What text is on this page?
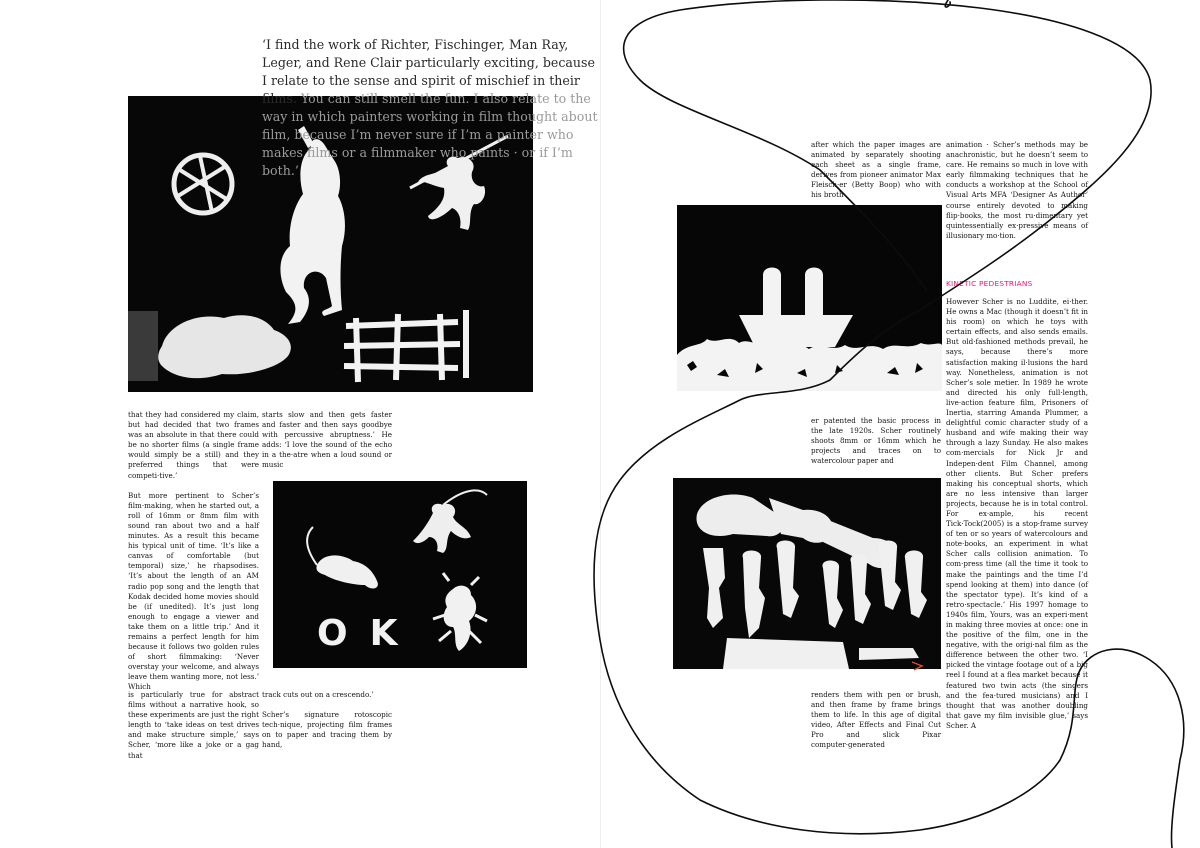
‘I find the work of Richter, Fischinger, Man Ray, Leger, and Rene Clair particularly exciting, because I relate to the sense and spirit of mischief in their films. You can still smell the fun. I also relate to the way in which painters working in film thought about film, because I’m never sure if I’m a painter who makes films or a filmmaker who paints · or if I’m both.’

that they had considered my claim, but had decided that two frames was an absolute in that there could be no shorter films (a single frame would simply be a still) and they preferred things that were competi·tive.’

But more pertinent to Scher’s film·making, when he started out, a roll of 16mm or 8mm film with sound ran about two and a half minutes. As a result this became his typical unit of time. ‘It’s like a canvas of comfortable (but temporal) size,’ he rhapsodises. ‘It’s about the length of an AM radio pop song and the length that Kodak decided home movies should be (if unedited). It’s just long enough to engage a viewer and take them on a little trip.’ And it remains a perfect length for him because it follows two golden rules of short filmmaking: ‘Never overstay your welcome, and always leave them wanting more, not less.’ Which

is particularly true for abstract films without a narrative hook, so these experiments are just the right length to ‘take ideas on test drives and make structure simple,’ says Scher, ‘more like a joke or a gag that

starts slow and then gets faster and faster and then says goodbye with percussive abruptness.’ He adds: ‘I love the sound of the echo in a the·atre when a loud sound or music

track cuts out on a crescendo.’

Scher’s signature rotoscopic tech·nique, projecting film frames on to paper and tracing them by hand,

OK

after which the paper images are animated by separately shooting each sheet as a single frame, derives from pioneer animator Max Fleisch·er (Betty Boop) who with his broth·

er patented the basic process in the late 1920s. Scher routinely shoots 8mm or 16mm which he projects and traces on to watercolour paper and

renders them with pen or brush, and then frame by frame brings them to life. In this age of digital video, After Effects and Final Cut Pro and slick Pixar computer·generated

animation · Scher’s methods may be anachronistic, but he doesn’t seem to care. He remains so much in love with early filmmaking techniques that he conducts a workshop at the School of Visual Arts MFA ‘Designer As Author’ course entirely devoted to making flip·books, the most ru·dimentary yet quintessentially ex·pressive means of illusionary mo·tion.

KINETIC PEDESTRIANS

However Scher is no Luddite, ei·ther. He owns a Mac (though it doesn’t fit in his room) on which he toys with certain effects, and also sends emails. But old·fashioned methods prevail, he says, because there’s more satisfaction making il·lusions the hard way. Nonetheless, animation is not Scher’s sole metier. In 1989 he wrote and directed his only full·length, live·action feature film, Prisoners of Inertia, starring Amanda Plummer, a delightful comic character study of a husband and wife making their way through a lazy Sunday. He also makes com·mercials for Nick Jr and Indepen·dent Film Channel, among other clients. But Scher prefers making his conceptual shorts, which are no less intensive than larger projects, because he is in total control. For ex·ample, his recent Tick·Tock(2005) is a stop·frame survey of ten or so years of watercolours and note·books, an experiment in what Scher calls collision animation. To com·press time (all the time it took to make the paintings and the time I’d spend looking at them) into dance (of the spectator type). It’s kind of a retro·spectacle.’ His 1997 homage to 1940s film, Yours, was an experi·ment in making three movies at once: one in the positive of the film, one in the negative, with the origi·nal film as the difference between the other two. ‘I picked the vintage footage out of a big reel I found at a flea market because it featured two twin acts (the singers and the fea·tured musicians) and I thought that was another doubling that gave my film invisible glue,’ says Scher. A
